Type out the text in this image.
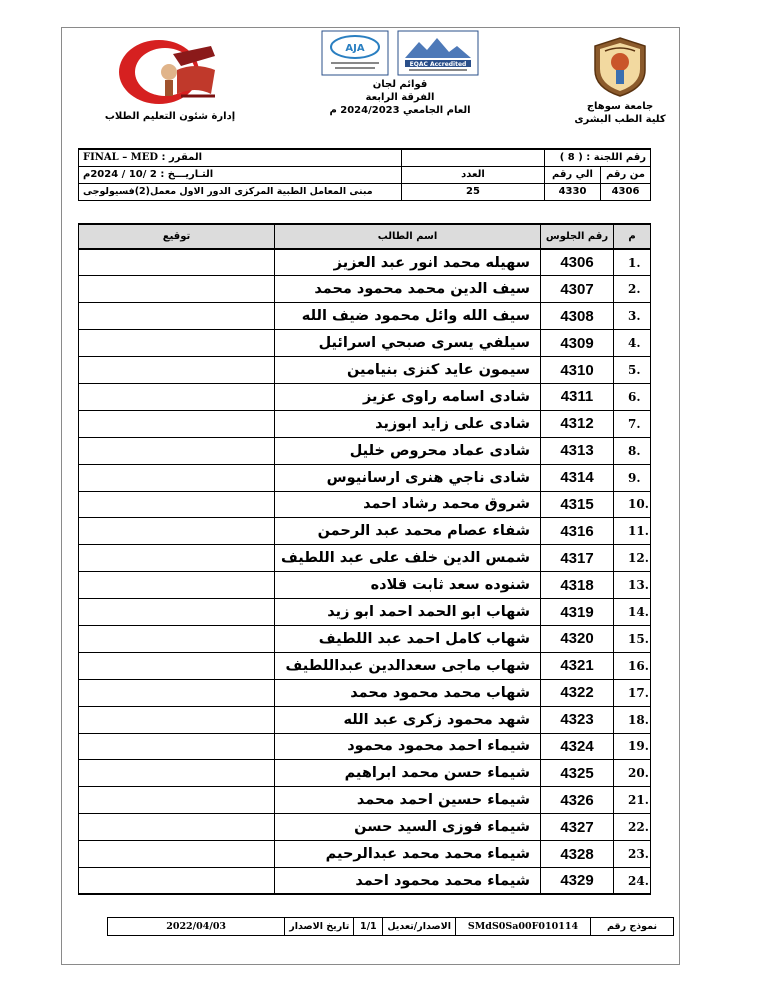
جامعة سوهاج
كلية الطب البشرى
EQAC Accredited
AJA
قوائم لجان
الفرقة الرابعة
العام الجامعي 2024/2023 م
إدارة شئون التعليم الطلاب
رقم اللجنة : ( 8 )			المقرر : FINAL – MED
من رقم	الي رقم	العدد	التـاريـــخ : 2 /10 / 2024م
4306	4330	25	مبنى المعامل الطبية المركزى الدور الاول معمل(2)فسيولوجى
م	رقم الجلوس	اسم الطالب	توقيع
1.	4306	سهيله محمد انور عبد العزيز	
2.	4307	سيف الدين محمد محمود محمد	
3.	4308	سيف الله وائل محمود ضيف الله	
4.	4309	سيلفي يسرى صبحي اسرائيل	
5.	4310	سيمون عايد كنزى بنيامين	
6.	4311	شادى اسامه راوى عزيز	
7.	4312	شادى على زايد ابوزيد	
8.	4313	شادى عماد محروص خليل	
9.	4314	شادى ناجي هنرى ارسانيوس	
10.	4315	شروق محمد رشاد احمد	
11.	4316	شفاء عصام محمد عبد الرحمن	
12.	4317	شمس الدين خلف على عبد اللطيف	
13.	4318	شنوده سعد ثابت قلاده	
14.	4319	شهاب ابو الحمد احمد ابو زيد	
15.	4320	شهاب كامل احمد عبد اللطيف	
16.	4321	شهاب ماجى سعدالدين عبداللطيف	
17.	4322	شهاب محمد محمود محمد	
18.	4323	شهد محمود زكرى عبد الله	
19.	4324	شيماء احمد محمود محمود	
20.	4325	شيماء حسن محمد ابراهيم	
21.	4326	شيماء حسين احمد محمد	
22.	4327	شيماء فوزى السيد حسن	
23.	4328	شيماء محمد محمد عبدالرحيم	
24.	4329	شيماء محمد محمود احمد	
نموذج رقم	SMdS0Sa00F010114	الاصدار/تعديل	1/1	تاريخ الاصدار	2022/04/03
